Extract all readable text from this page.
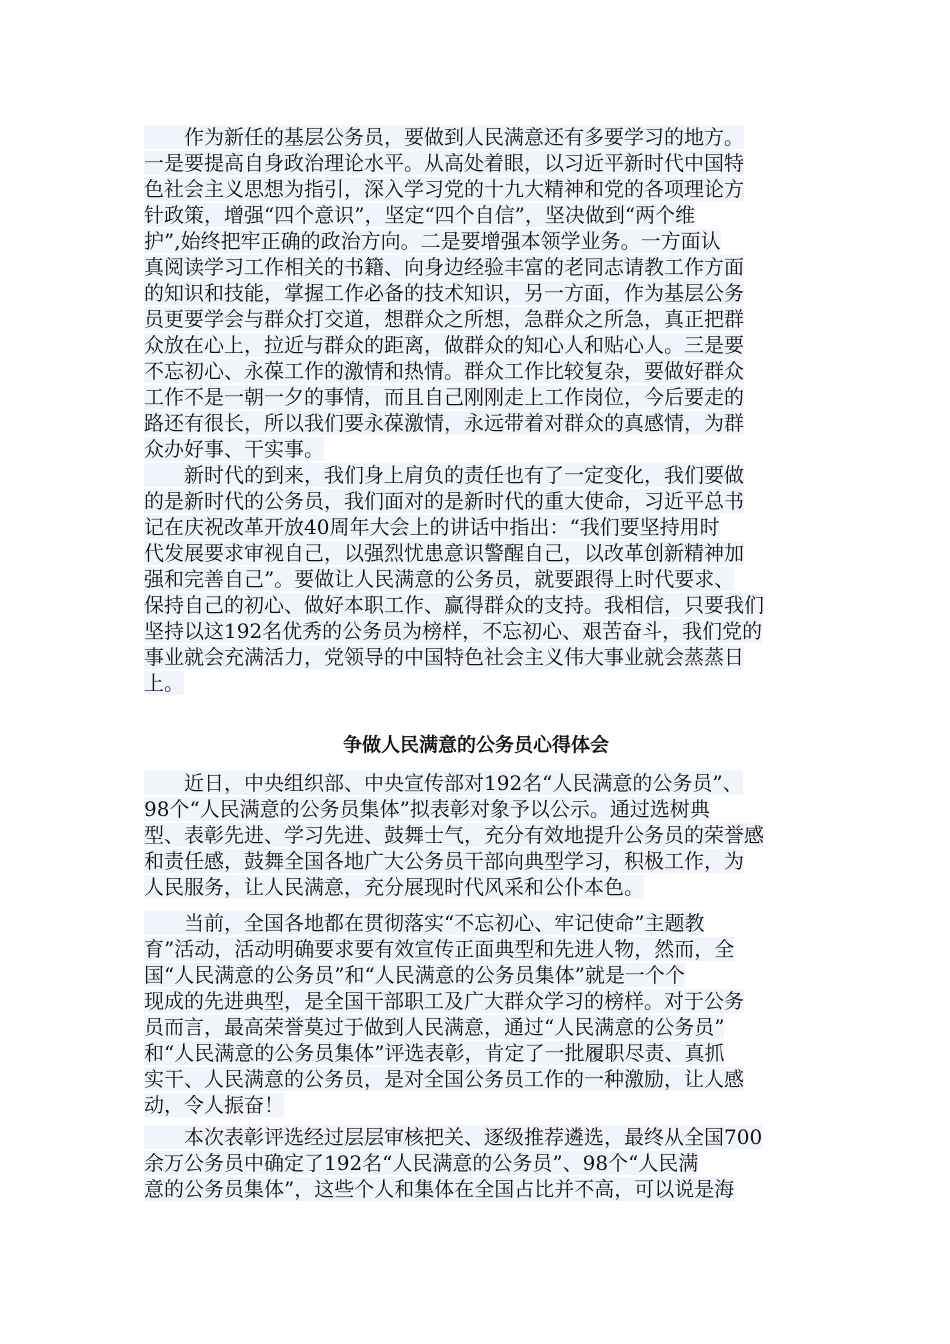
　　作为新任的基层公务员，要做到人民满意还有多要学习的地方。
一是要提高自身政治理论水平。从高处着眼，以习近平新时代中国特
色社会主义思想为指引，深入学习党的十九大精神和党的各项理论方
针政策，增强“四个意识”，坚定“四个自信”，坚决做到“两个维
护”,始终把牢正确的政治方向。二是要增强本领学业务。一方面认
真阅读学习工作相关的书籍、向身边经验丰富的老同志请教工作方面
的知识和技能，掌握工作必备的技术知识，另一方面，作为基层公务
员更要学会与群众打交道，想群众之所想，急群众之所急，真正把群
众放在心上，拉近与群众的距离，做群众的知心人和贴心人。三是要
不忘初心、永葆工作的激情和热情。群众工作比较复杂，要做好群众
工作不是一朝一夕的事情，而且自己刚刚走上工作岗位，今后要走的
路还有很长，所以我们要永葆激情，永远带着对群众的真感情，为群
众办好事、干实事。
　　新时代的到来，我们身上肩负的责任也有了一定变化，我们要做
的是新时代的公务员，我们面对的是新时代的重大使命，习近平总书
记在庆祝改革开放40周年大会上的讲话中指出：“我们要坚持用时
代发展要求审视自己，以强烈忧患意识警醒自己，以改革创新精神加
强和完善自己”。要做让人民满意的公务员，就要跟得上时代要求、
保持自己的初心、做好本职工作、赢得群众的支持。我相信，只要我们
坚持以这192名优秀的公务员为榜样，不忘初心、艰苦奋斗，我们党的
事业就会充满活力，党领导的中国特色社会主义伟大事业就会蒸蒸日
上。
争做人民满意的公务员心得体会
　　近日，中央组织部、中央宣传部对192名“人民满意的公务员”、
98个“人民满意的公务员集体”拟表彰对象予以公示。通过选树典
型、表彰先进、学习先进、鼓舞士气，充分有效地提升公务员的荣誉感
和责任感，鼓舞全国各地广大公务员干部向典型学习，积极工作，为
人民服务，让人民满意，充分展现时代风采和公仆本色。
　　当前，全国各地都在贯彻落实“不忘初心、牢记使命”主题教
育”活动，活动明确要求要有效宣传正面典型和先进人物，然而，全
国“人民满意的公务员”和“人民满意的公务员集体”就是一个个
现成的先进典型，是全国干部职工及广大群众学习的榜样。对于公务
员而言，最高荣誉莫过于做到人民满意，通过“人民满意的公务员”
和“人民满意的公务员集体”评选表彰，肯定了一批履职尽责、真抓
实干、人民满意的公务员，是对全国公务员工作的一种激励，让人感
动，令人振奋！
　　本次表彰评选经过层层审核把关、逐级推荐遴选，最终从全国700
余万公务员中确定了192名“人民满意的公务员”、98个“人民满
意的公务员集体”，这些个人和集体在全国占比并不高，可以说是海
